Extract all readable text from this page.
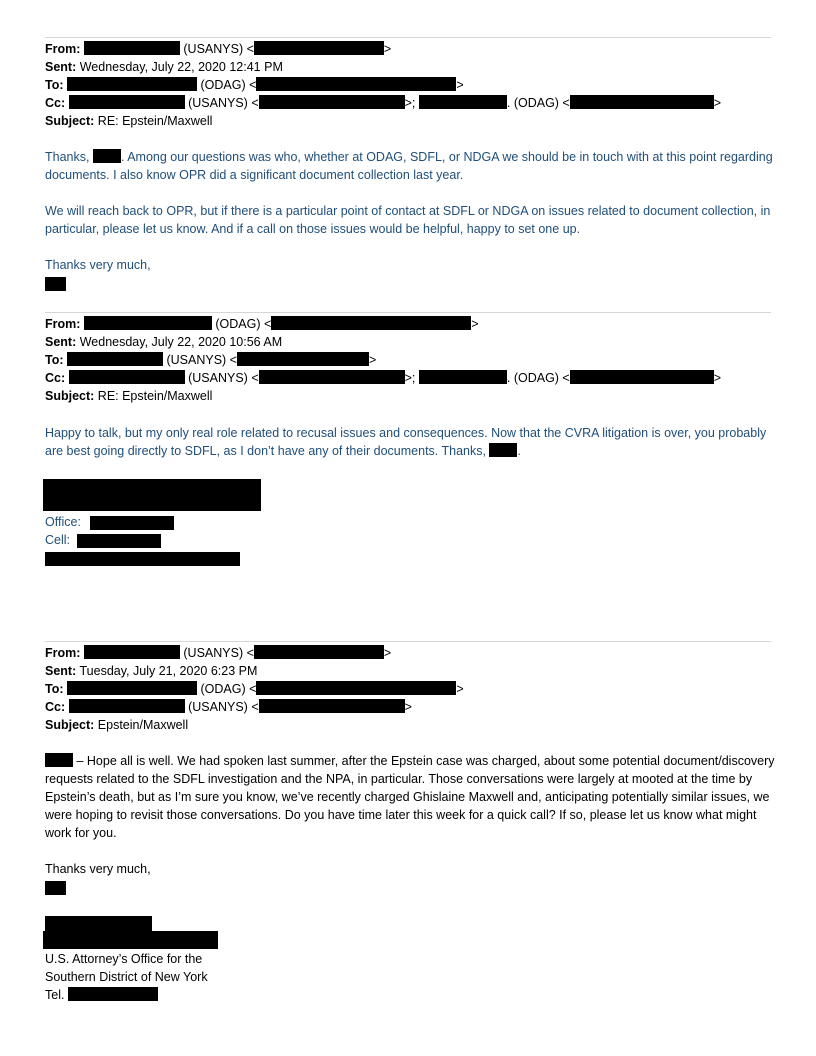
From:	(USANYS) <	>
Sent: Wednesday, July 22, 2020 12:41 PM
To:	(ODAG) <	>
Cc:	(USANYS) <	>;	. (ODAG) <	>
Subject: RE: Epstein/Maxwell
Thanks, . Among our questions was who, whether at ODAG, SDFL, or NDGA we should be in touch with at this point regarding documents. I also know OPR did a significant document collection last year.
We will reach back to OPR, but if there is a particular point of contact at SDFL or NDGA on issues related to document collection, in particular, please let us know. And if a call on those issues would be helpful, happy to set one up.
Thanks very much,
From:	(ODAG) <	>
Sent: Wednesday, July 22, 2020 10:56 AM
To:	(USANYS) <	>
Cc:	(USANYS) <	>;	. (ODAG) <	>
Subject: RE: Epstein/Maxwell
Happy to talk, but my only real role related to recusal issues and consequences. Now that the CVRA litigation is over, you probably are best going directly to SDFL, as I don’t have any of their documents. Thanks, .
Office:
Cell:
From:	(USANYS) <	>
Sent: Tuesday, July 21, 2020 6:23 PM
To:	(ODAG) <	>
Cc:	(USANYS) <	>
Subject: Epstein/Maxwell
– Hope all is well. We had spoken last summer, after the Epstein case was charged, about some potential document/discovery requests related to the SDFL investigation and the NPA, in particular. Those conversations were largely at mooted at the time by Epstein’s death, but as I’m sure you know, we’ve recently charged Ghislaine Maxwell and, anticipating potentially similar issues, we were hoping to revisit those conversations. Do you have time later this week for a quick call? If so, please let us know what might work for you.
Thanks very much,
U.S. Attorney’s Office for the
Southern District of New York
Tel.
